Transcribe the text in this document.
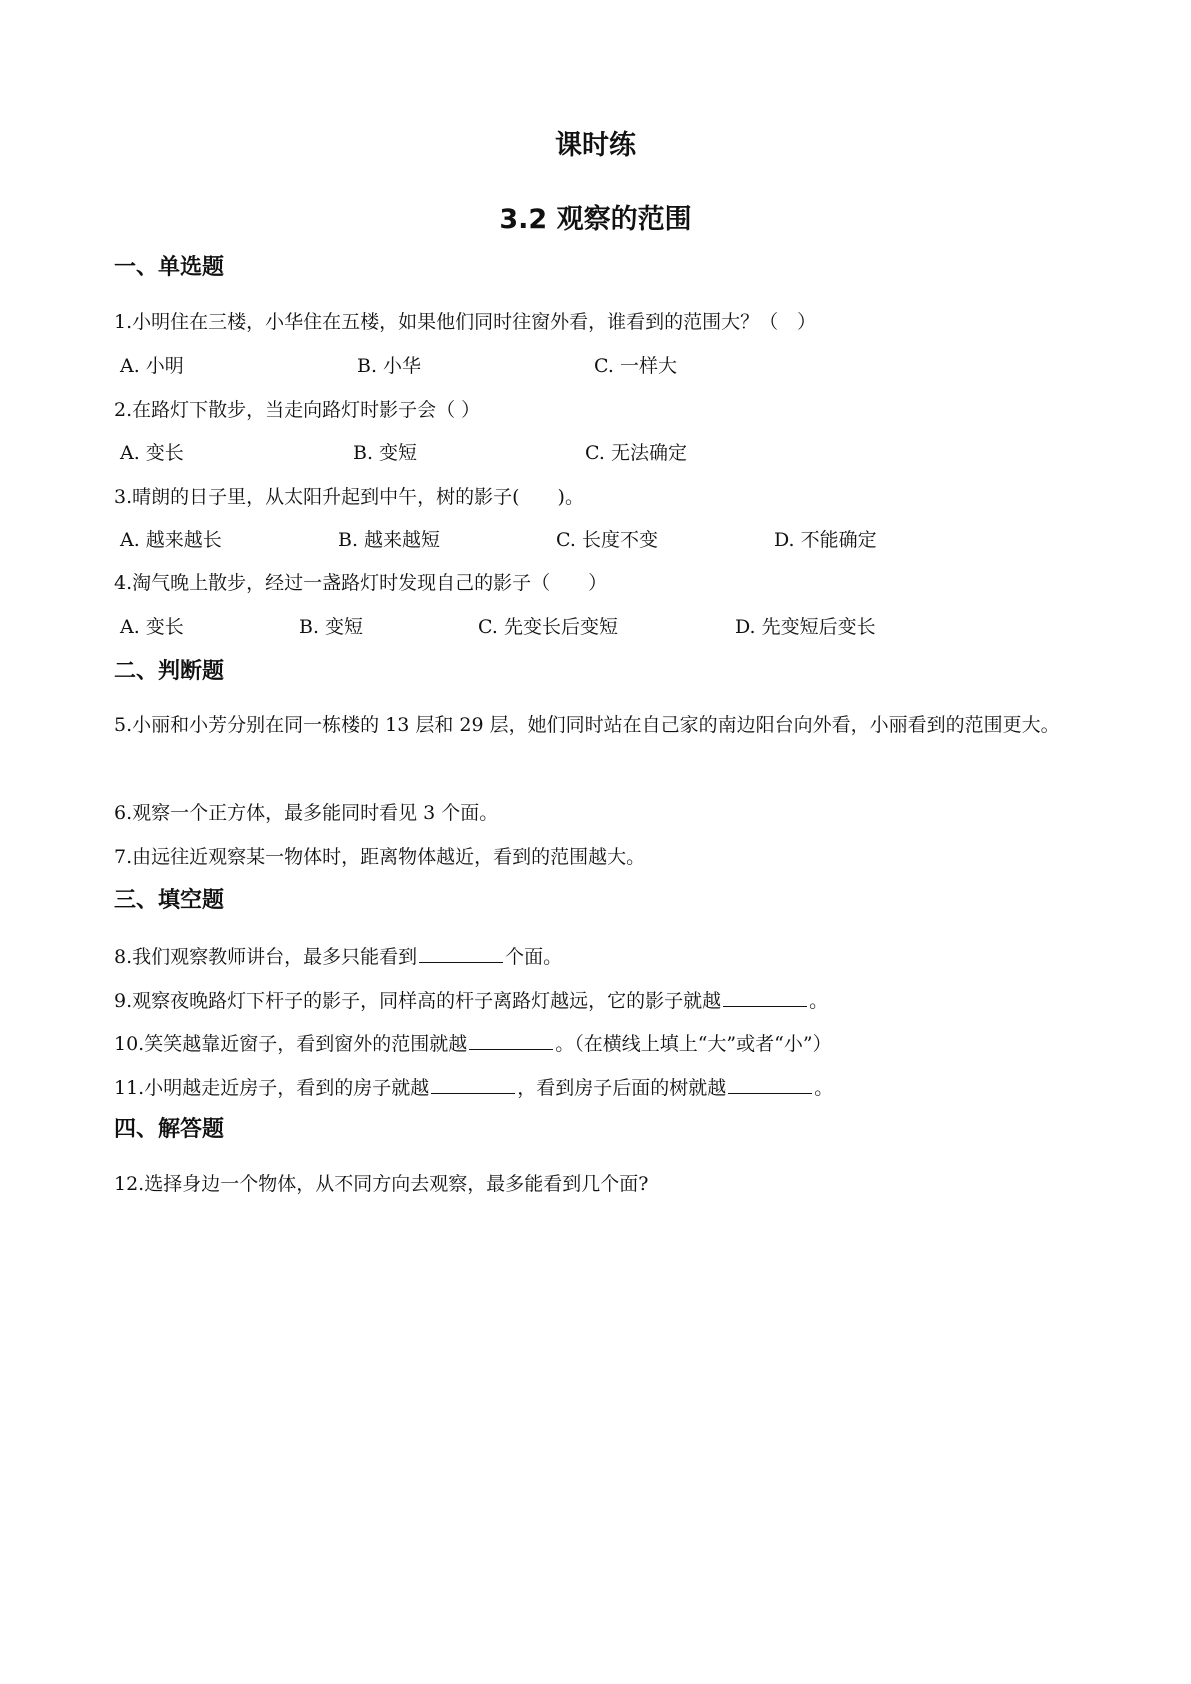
课时练
3.2 观察的范围
一、单选题
1.小明住在三楼，小华住在五楼，如果他们同时往窗外看，谁看到的范围大？（　）
A. 小明	B. 小华	C. 一样大
2.在路灯下散步，当走向路灯时影子会（ ）
A. 变长	B. 变短	C. 无法确定
3.晴朗的日子里，从太阳升起到中午，树的影子(　　)。
A. 越来越长	B. 越来越短	C. 长度不变	D. 不能确定
4.淘气晚上散步，经过一盏路灯时发现自己的影子（　　）
A. 变长	B. 变短	C. 先变长后变短	D. 先变短后变长
二、判断题
5.小丽和小芳分别在同一栋楼的 13 层和 29 层，她们同时站在自己家的南边阳台向外看，小丽看到的范围更大。
6.观察一个正方体，最多能同时看见 3 个面。
7.由远往近观察某一物体时，距离物体越近，看到的范围越大。
三、填空题
8.我们观察教师讲台，最多只能看到	个面。
9.观察夜晚路灯下杆子的影子，同样高的杆子离路灯越远，它的影子就越	。
10.笑笑越靠近窗子，看到窗外的范围就越	。（在横线上填上“大”或者“小”）
11.小明越走近房子，看到的房子就越	，看到房子后面的树就越	。
四、解答题
12.选择身边一个物体，从不同方向去观察，最多能看到几个面?
